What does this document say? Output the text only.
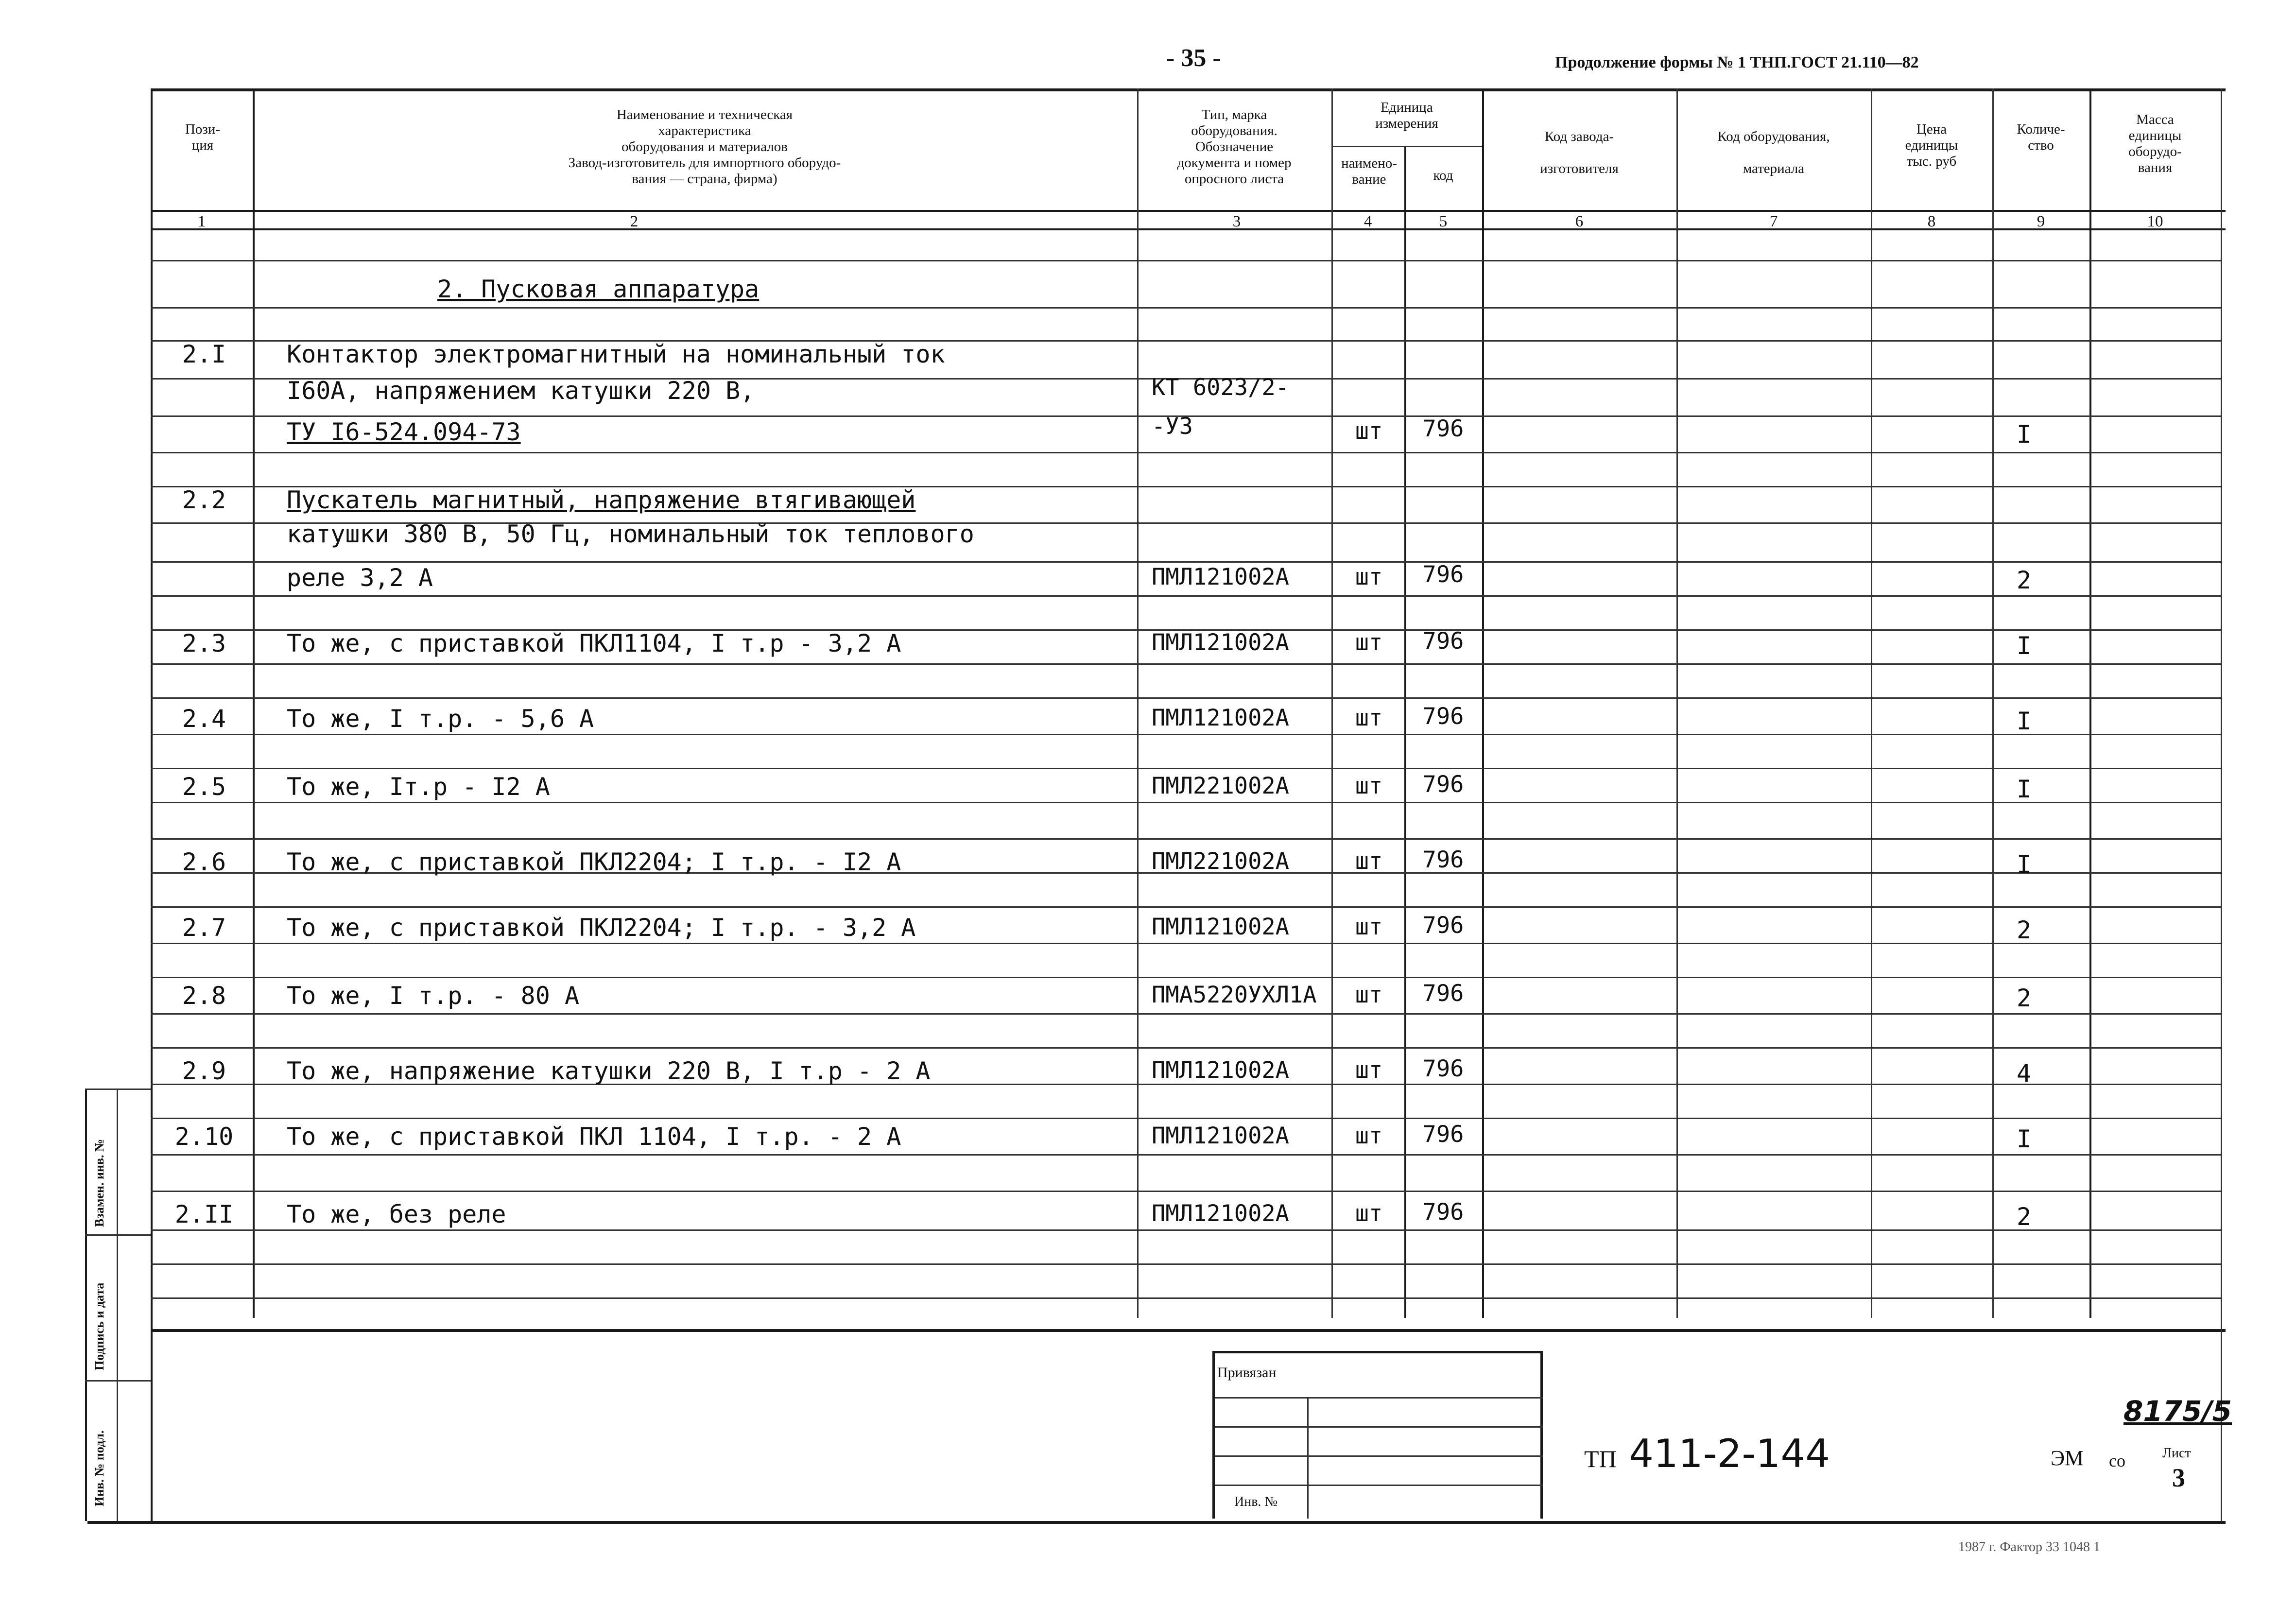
- 35 -	Продолжение формы № 1 ТНП.ГОСТ 21.110—82
Пози-
ция
Наименование и техническая
характеристика
оборудования и материалов
Завод-изготовитель для импортного оборудо-
вания — страна, фирма)
Тип, марка
оборудования.
Обозначение
документа и номер
опросного листа
Единица
измерения
наимено-
вание	код
Код завода-

изготовителя
Код оборудования,

материала
Цена
единицы
тыс. руб
Количе-
ство
Масса
единицы
оборудо-
вания
1	2	3	4	5	6	7	8	9	10
2. Пусковая аппаратура
2.I	Контактор электромагнитный на номинальный ток
I60А, напряжением катушки 220 В,
ТУ I6-524.094-73
КТ 6023/2-
-У3	шт	796	I
2.2	Пускатель магнитный, напряжение втягивающей
катушки 380 В, 50 Гц, номинальный ток теплового
реле 3,2 А	ПМЛ121002А	шт	796	2
2.3	То же, с приставкой ПКЛ1104, I т.р - 3,2 А	ПМЛ121002А	шт	796	I
2.4	То же, I т.р. - 5,6 А	ПМЛ121002А	шт	796	I
2.5	То же, Iт.р - I2 А	ПМЛ221002А	шт	796	I
2.6	То же, с приставкой ПКЛ2204; I т.р. - I2 А	ПМЛ221002А	шт	796	I
2.7	То же, с приставкой ПКЛ2204; I т.р. - 3,2 А	ПМЛ121002А	шт	796	2
2.8	То же, I т.р. - 80 А	ПМА5220УХЛ1А	шт	796	2
2.9	То же, напряжение катушки 220 В, I т.р - 2 А	ПМЛ121002А	шт	796	4
2.10	То же, с приставкой ПКЛ 1104, I т.р. - 2 А	ПМЛ121002А	шт	796	I
2.II	То же, без реле	ПМЛ121002А	шт	796	2
Инв. № подл.
Подпись и дата
Взамен. инв. №
Привязан
Инв. №
ТП 411-2-144
8175/5
ЭМ со	Лист
3
1987 г. Фактор 33 1048 1
